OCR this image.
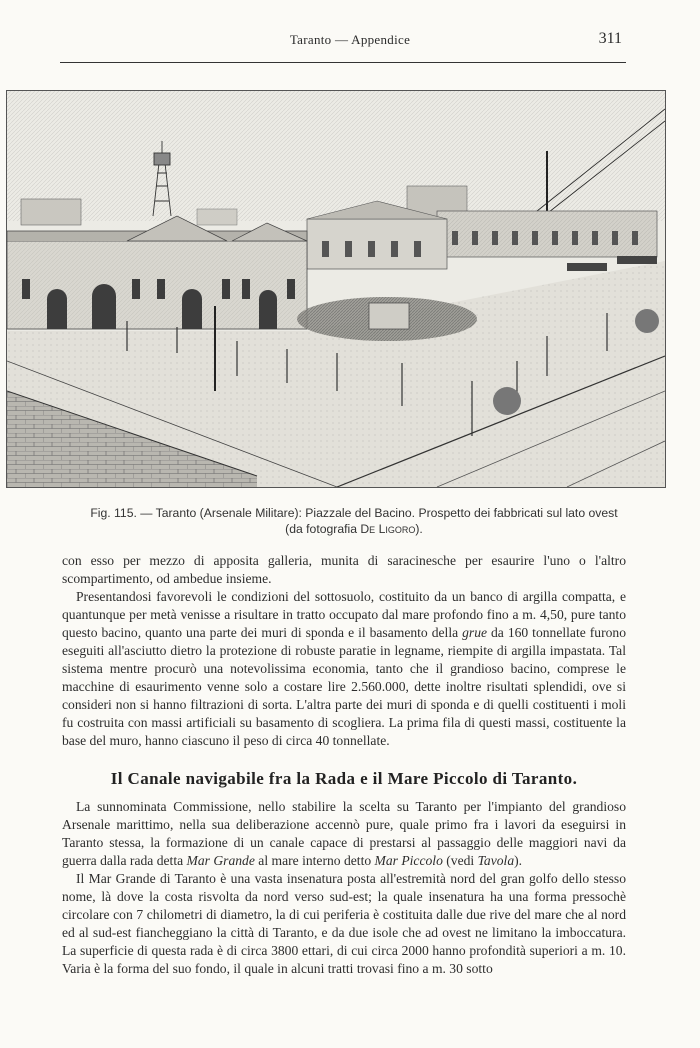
Taranto — Appendice	311
Fig. 115. — Taranto (Arsenale Militare): Piazzale del Bacino. Prospetto dei fabbricati sul lato ovest
(da fotografia De Ligoro).

con esso per mezzo di apposita galleria, munita di saracinesche per esaurire l'uno o l'altro scompartimento, od ambedue insieme.

Presentandosi favorevoli le condizioni del sottosuolo, costituito da un banco di argilla compatta, e quantunque per metà venisse a risultare in tratto occupato dal mare profondo fino a m. 4,50, pure tanto questo bacino, quanto una parte dei muri di sponda e il basamento della grue da 160 tonnellate furono eseguiti all'asciutto dietro la protezione di robuste paratie in legname, riempite di argilla impastata. Tal sistema mentre procurò una notevolissima economia, tanto che il grandioso bacino, comprese le macchine di esaurimento venne solo a costare lire 2.560.000, dette inoltre risultati splendidi, ove si consideri non si hanno filtrazioni di sorta. L'altra parte dei muri di sponda e di quelli costituenti i moli fu costruita con massi artificiali su basamento di scogliera. La prima fila di questi massi, costituente la base del muro, hanno ciascuno il peso di circa 40 tonnellate.

Il Canale navigabile fra la Rada e il Mare Piccolo di Taranto.

La sunnominata Commissione, nello stabilire la scelta su Taranto per l'impianto del grandioso Arsenale marittimo, nella sua deliberazione accennò pure, quale primo fra i lavori da eseguirsi in Taranto stessa, la formazione di un canale capace di prestarsi al passaggio delle maggiori navi da guerra dalla rada detta Mar Grande al mare interno detto Mar Piccolo (vedi Tavola).

Il Mar Grande di Taranto è una vasta insenatura posta all'estremità nord del gran golfo dello stesso nome, là dove la costa risvolta da nord verso sud-est; la quale insenatura ha una forma pressochè circolare con 7 chilometri di diametro, la di cui periferia è costituita dalle due rive del mare che al nord ed al sud-est fiancheggiano la città di Taranto, e da due isole che ad ovest ne limitano la imboccatura. La superficie di questa rada è di circa 3800 ettari, di cui circa 2000 hanno profondità superiori a m. 10. Varia è la forma del suo fondo, il quale in alcuni tratti trovasi fino a m. 30 sotto
